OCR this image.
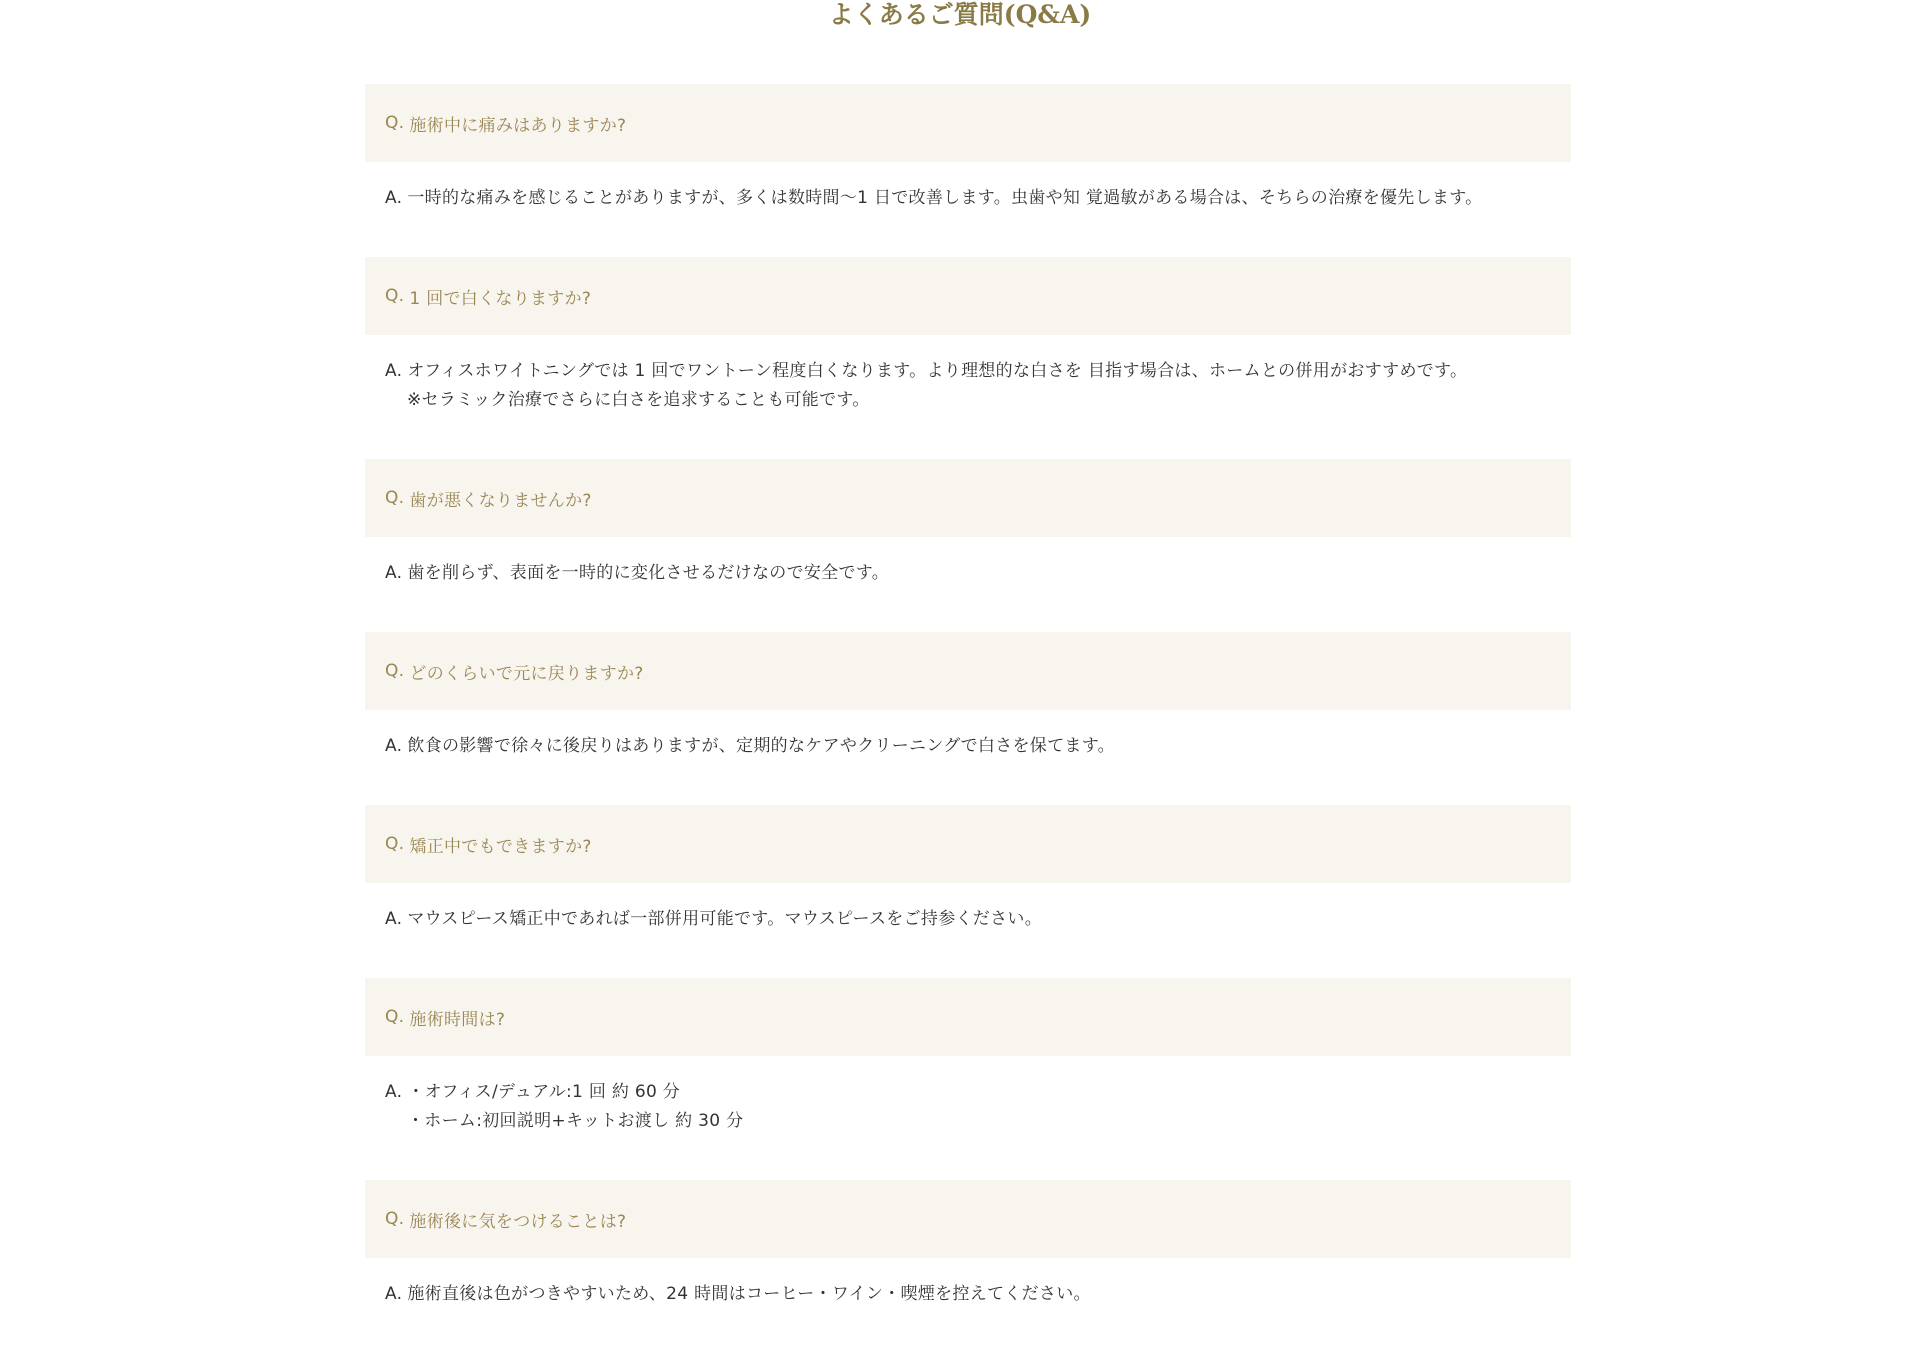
よくあるご質問(Q&A)
Q. 施術中に痛みはありますか?
A. 一時的な痛みを感じることがありますが、多くは数時間〜1 日で改善します。虫歯や知 覚過敏がある場合は、そちらの治療を優先します。
Q. 1 回で白くなりますか?
A. オフィスホワイトニングでは 1 回でワントーン程度白くなります。より理想的な白さを 目指す場合は、ホームとの併用がおすすめです。
※セラミック治療でさらに白さを追求することも可能です。
Q. 歯が悪くなりませんか?
A. 歯を削らず、表面を一時的に変化させるだけなので安全です。
Q. どのくらいで元に戻りますか?
A. 飲食の影響で徐々に後戻りはありますが、定期的なケアやクリーニングで白さを保てます。
Q. 矯正中でもできますか?
A. マウスピース矯正中であれば一部併用可能です。マウスピースをご持参ください。
Q. 施術時間は?
A. ・オフィス/デュアル:1 回 約 60 分
・ホーム:初回説明+キットお渡し 約 30 分
Q. 施術後に気をつけることは?
A. 施術直後は色がつきやすいため、24 時間はコーヒー・ワイン・喫煙を控えてください。
